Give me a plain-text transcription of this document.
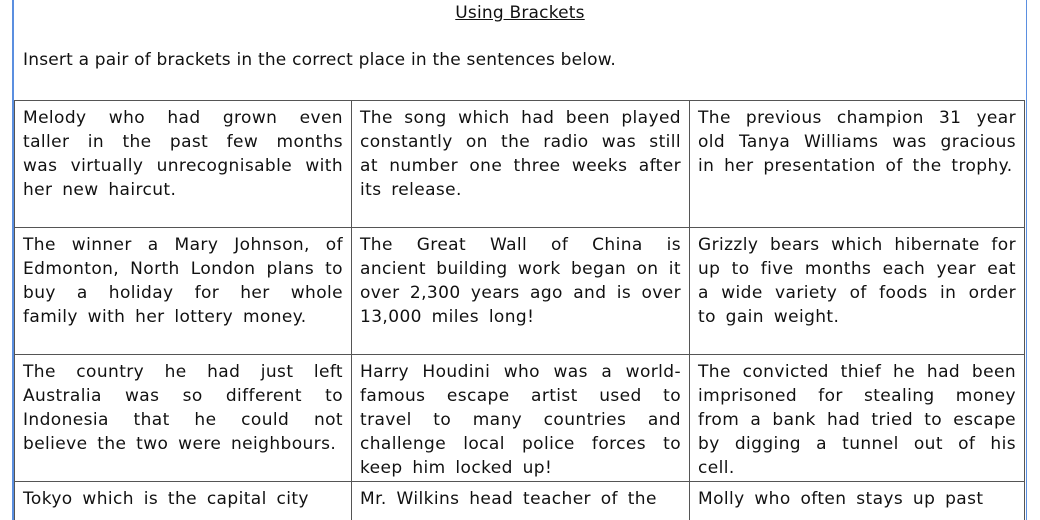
Using Brackets
Insert a pair of brackets in the correct place in the sentences below.
Melody who had grown even taller in the past few months was virtually unrecognisable with her new haircut.	The song which had been played constantly on the radio was still at number one three weeks after its release.	The previous champion 31 year old Tanya Williams was gracious in her presentation of the trophy.
The winner a Mary Johnson, of Edmonton, North London plans to buy a holiday for her whole family with her lottery money.	The Great Wall of China is ancient building work began on it over 2,300 years ago and is over 13,000 miles long!	Grizzly bears which hibernate for up to five months each year eat a wide variety of foods in order to gain weight.
The country he had just left Australia was so different to Indonesia that he could not believe the two were neighbours.	Harry Houdini who was a world-famous escape artist used to travel to many countries and challenge local police forces to keep him locked up!	The convicted thief he had been imprisoned for stealing money from a bank had tried to escape by digging a tunnel out of his cell.
Tokyo which is the capital city	Mr. Wilkins head teacher of the	Molly who often stays up past
